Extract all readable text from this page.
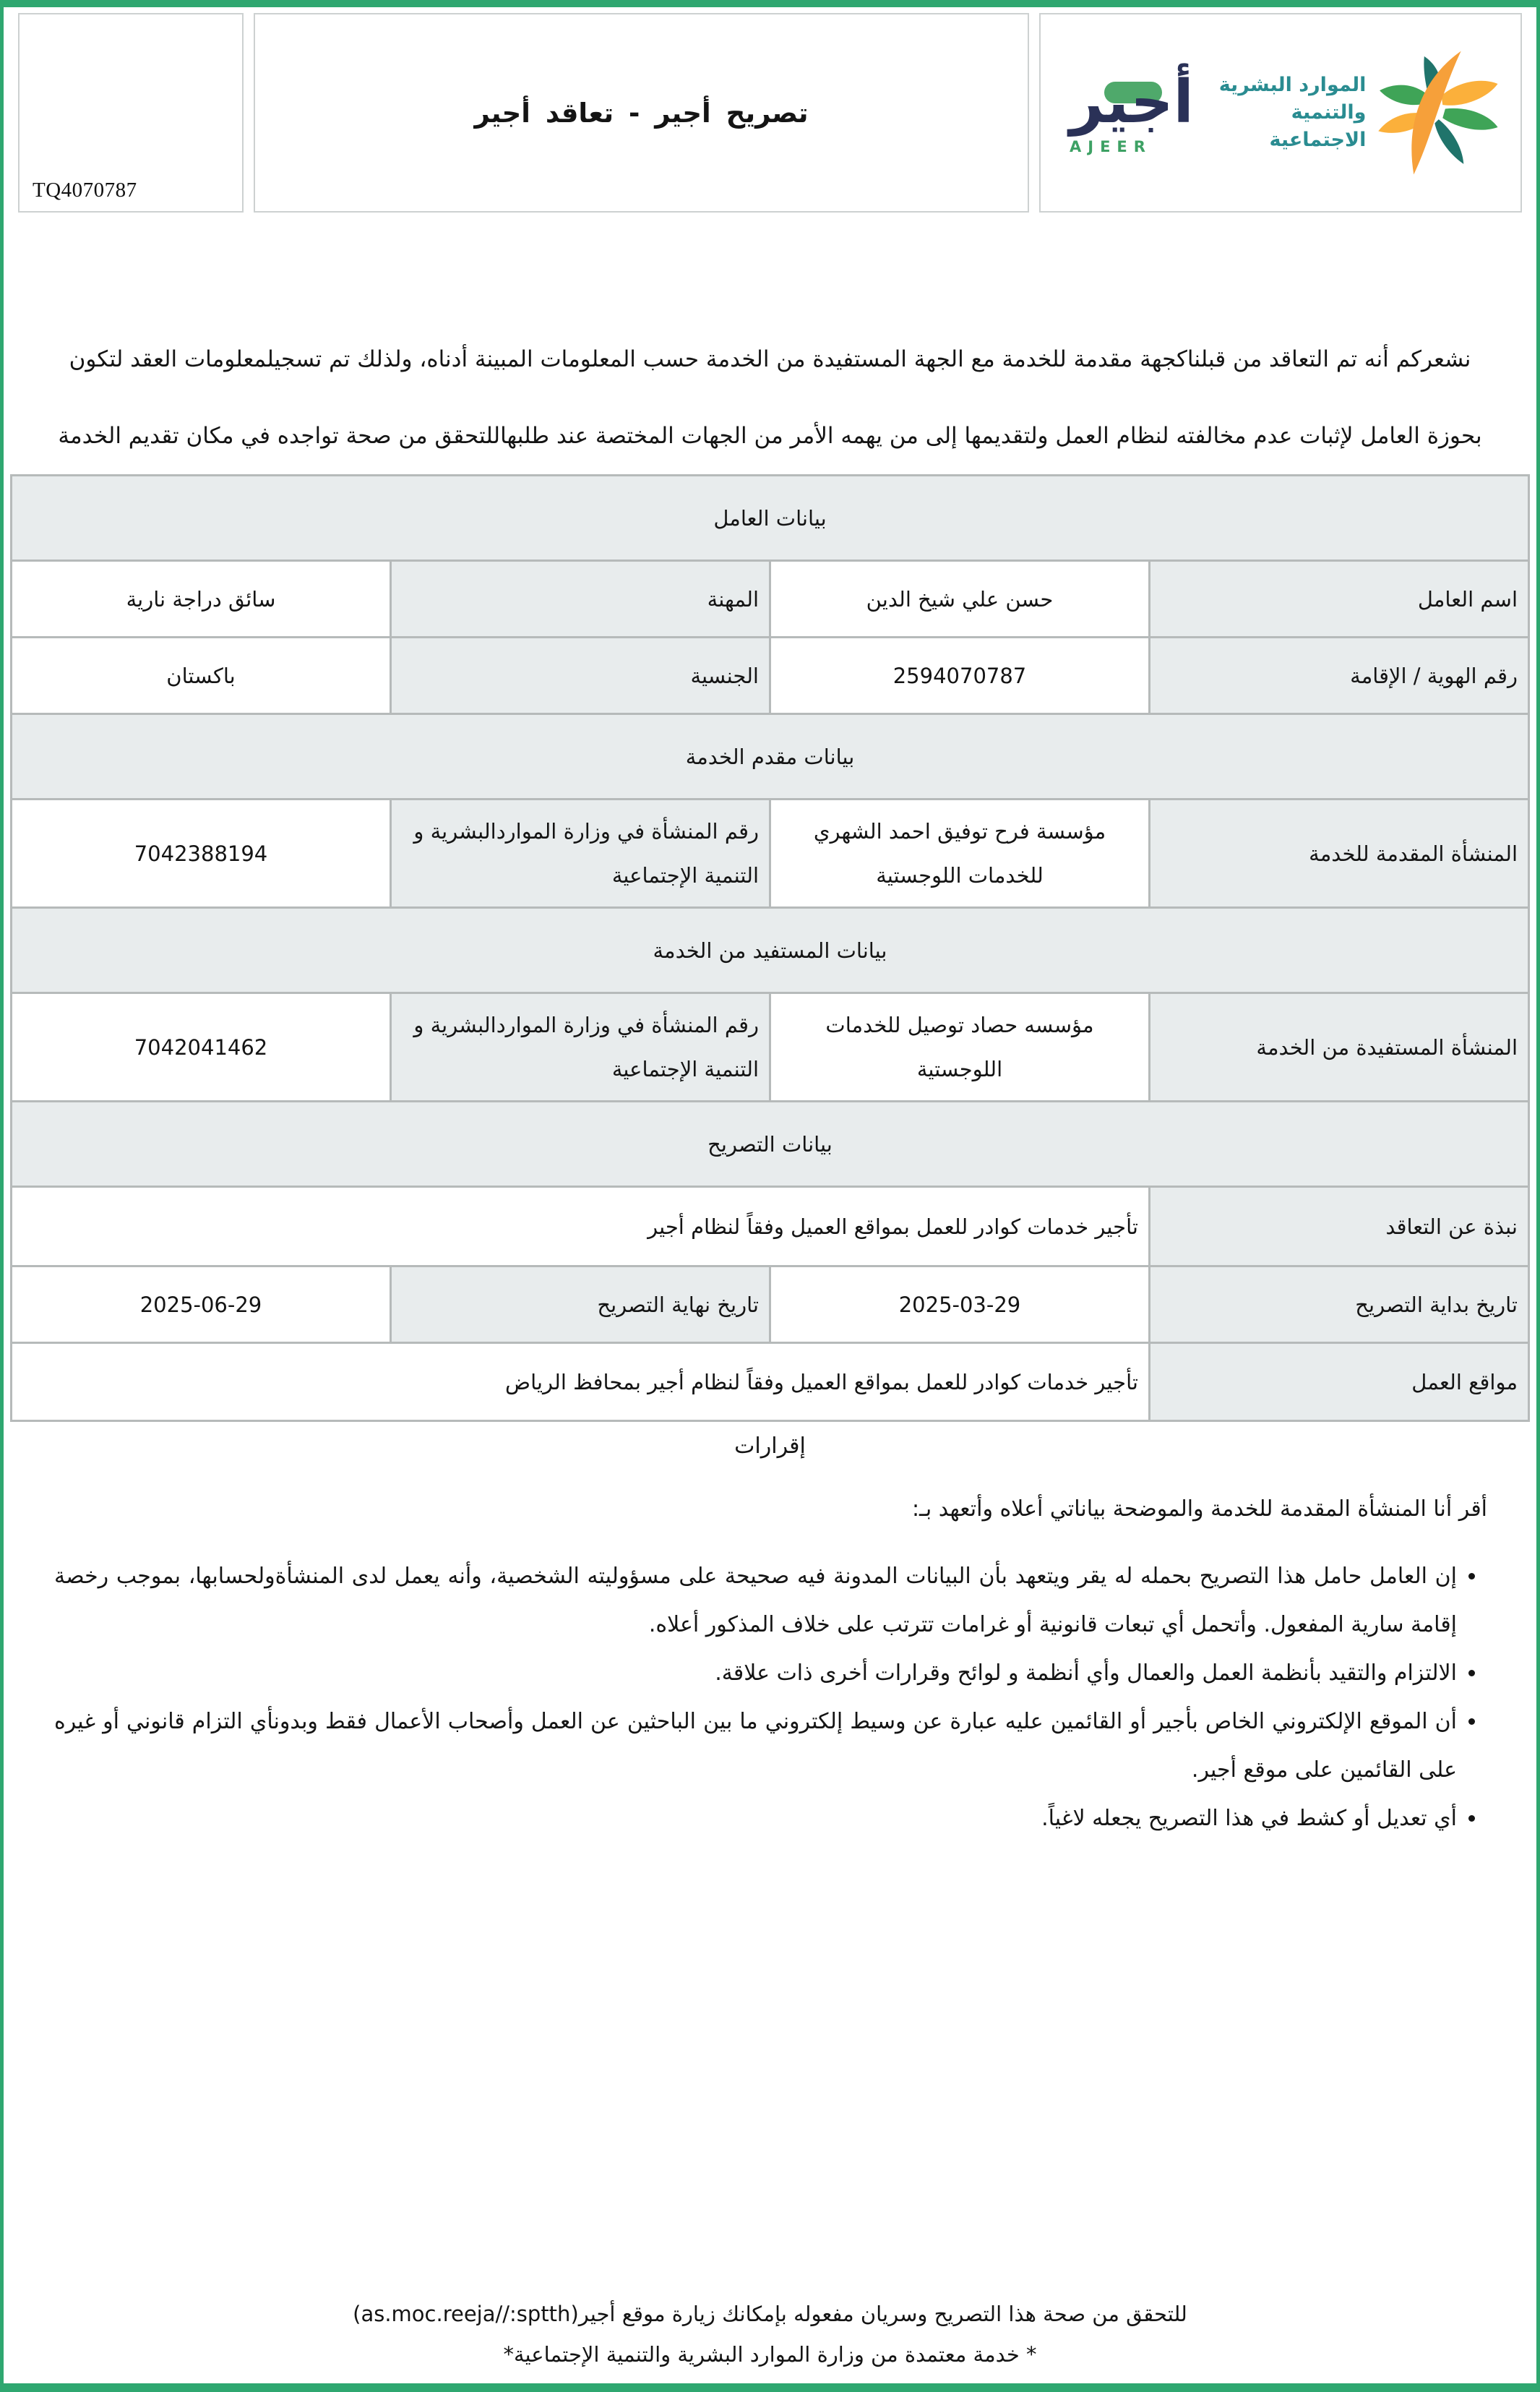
TQ4070787
تصريح أجير - تعاقد أجير	أجير
AJEER
الموارد البشرية
والتنمية الاجتماعية

نشعركم أنه تم التعاقد من قبلناكجهة مقدمة للخدمة مع الجهة المستفيدة من الخدمة حسب المعلومات المبينة أدناه، ولذلك تم تسجيلمعلومات العقد لتكون بحوزة العامل لإثبات عدم مخالفته لنظام العمل ولتقديمها إلى من يهمه الأمر من الجهات المختصة عند طلبهاللتحقق من صحة تواجده في مكان تقديم الخدمة

بيانات العامل			
اسم العامل	حسن علي شيخ الدين	المهنة	سائق دراجة نارية
رقم الهوية / الإقامة	2594070787	الجنسية	باكستان
بيانات مقدم الخدمة			
المنشأة المقدمة للخدمة	مؤسسة فرح توفيق احمد الشهري للخدمات اللوجستية	رقم المنشأة في وزارة المواردالبشرية و التنمية الإجتماعية	7042388194
بيانات المستفيد من الخدمة			
المنشأة المستفيدة من الخدمة	مؤسسه حصاد توصيل للخدمات اللوجستية	رقم المنشأة في وزارة المواردالبشرية و التنمية الإجتماعية	7042041462
بيانات التصريح			
نبذة عن التعاقد	تأجير خدمات كوادر للعمل بمواقع العميل وفقاً لنظام أجير		
تاريخ بداية التصريح	2025-03-29	تاريخ نهاية التصريح	2025-06-29
مواقع العمل	تأجير خدمات كوادر للعمل بمواقع العميل وفقاً لنظام أجير بمحافظ الرياض		
إقرارات

أقر أنا المنشأة المقدمة للخدمة والموضحة بياناتي أعلاه وأتعهد بـ:

• إن العامل حامل هذا التصريح بحمله له يقر ويتعهد بأن البيانات المدونة فيه صحيحة على مسؤوليته الشخصية، وأنه يعمل لدى المنشأةولحسابها، بموجب رخصة إقامة سارية المفعول. وأتحمل أي تبعات قانونية أو غرامات تترتب على خلاف المذكور أعلاه.
• الالتزام والتقيد بأنظمة العمل والعمال وأي أنظمة و لوائح وقرارات أخرى ذات علاقة.
• أن الموقع الإلكتروني الخاص بأجير أو القائمين عليه عبارة عن وسيط إلكتروني ما بين الباحثين عن العمل وأصحاب الأعمال فقط وبدونأي التزام قانوني أو غيره على القائمين على موقع أجير.
• أي تعديل أو كشط في هذا التصريح يجعله لاغياً.

للتحقق من صحة هذا التصريح وسريان مفعوله بإمكانك زيارة موقع أجير(as.moc.reeja//:sptth)

* خدمة معتمدة من وزارة الموارد البشرية والتنمية الإجتماعية*
